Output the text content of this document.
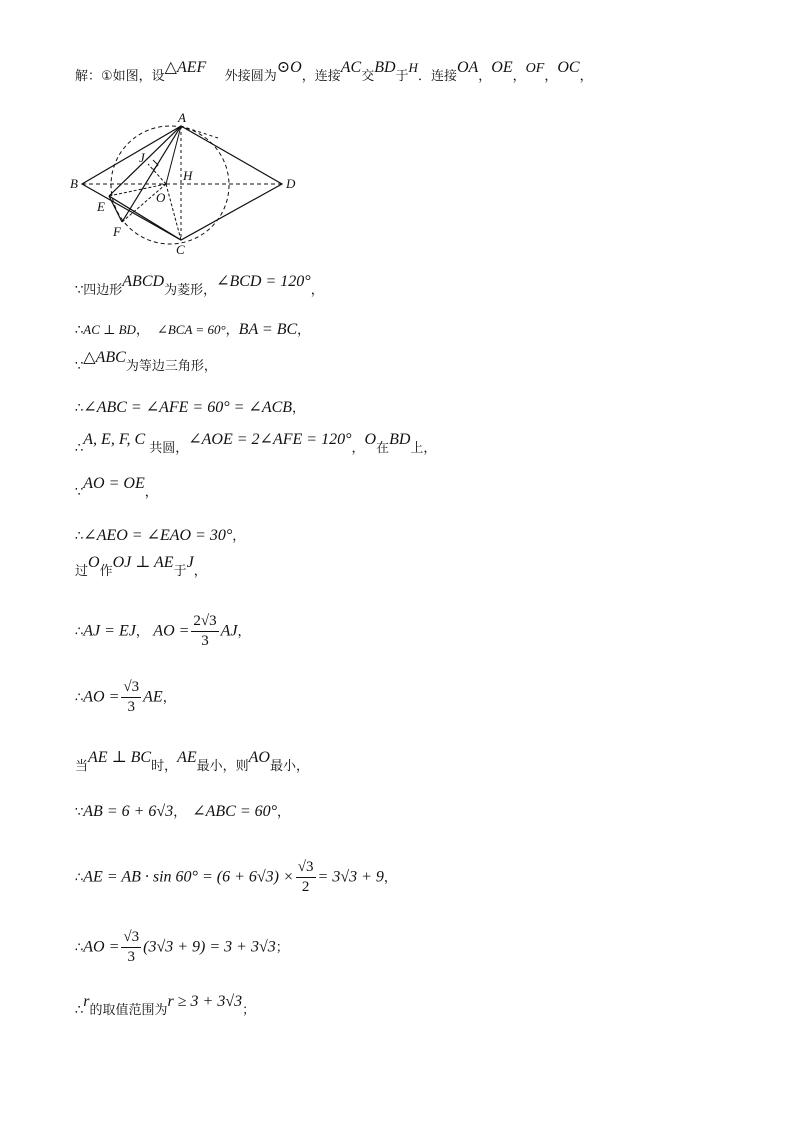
解：①如图，设△AEF 外接圆为⊙O，连接AC交BD于H．连接OA，OE，OF，OC，
A
B
C
D
E
F
H
J
O
∵四边形ABCD为菱形，∠BCD = 120°，
∴AC ⊥ BD， ∠BCA = 60°，BA = BC，
∵△ABC为等边三角形，
∴∠ABC = ∠AFE = 60° = ∠ACB，
∴A, E, F, C共圆，∠AOE = 2∠AFE = 120°，O在BD上，
∵AO = OE，
∴∠AEO = ∠EAO = 30°，
过O作OJ ⊥ AE于J，
∴AJ = EJ， AO = $\frac{2√3}{3}$ AJ，
∴AO = $\frac{√3}{3}$ AE，
当AE ⊥ BC时，AE最小，则AO最小，
∵AB = 6 + 6√3， ∠ABC = 60°，
∴AE = AB · $\sin 60^\circ = (6 + 6√3) \times \frac{√3}{2} = 3√3 + 9$，
∴AO = $\frac{√3}{3} (3√3 + 9) = 3 + 3√3$；
∴r的取值范围为r ≥ 3 + 3√3；
